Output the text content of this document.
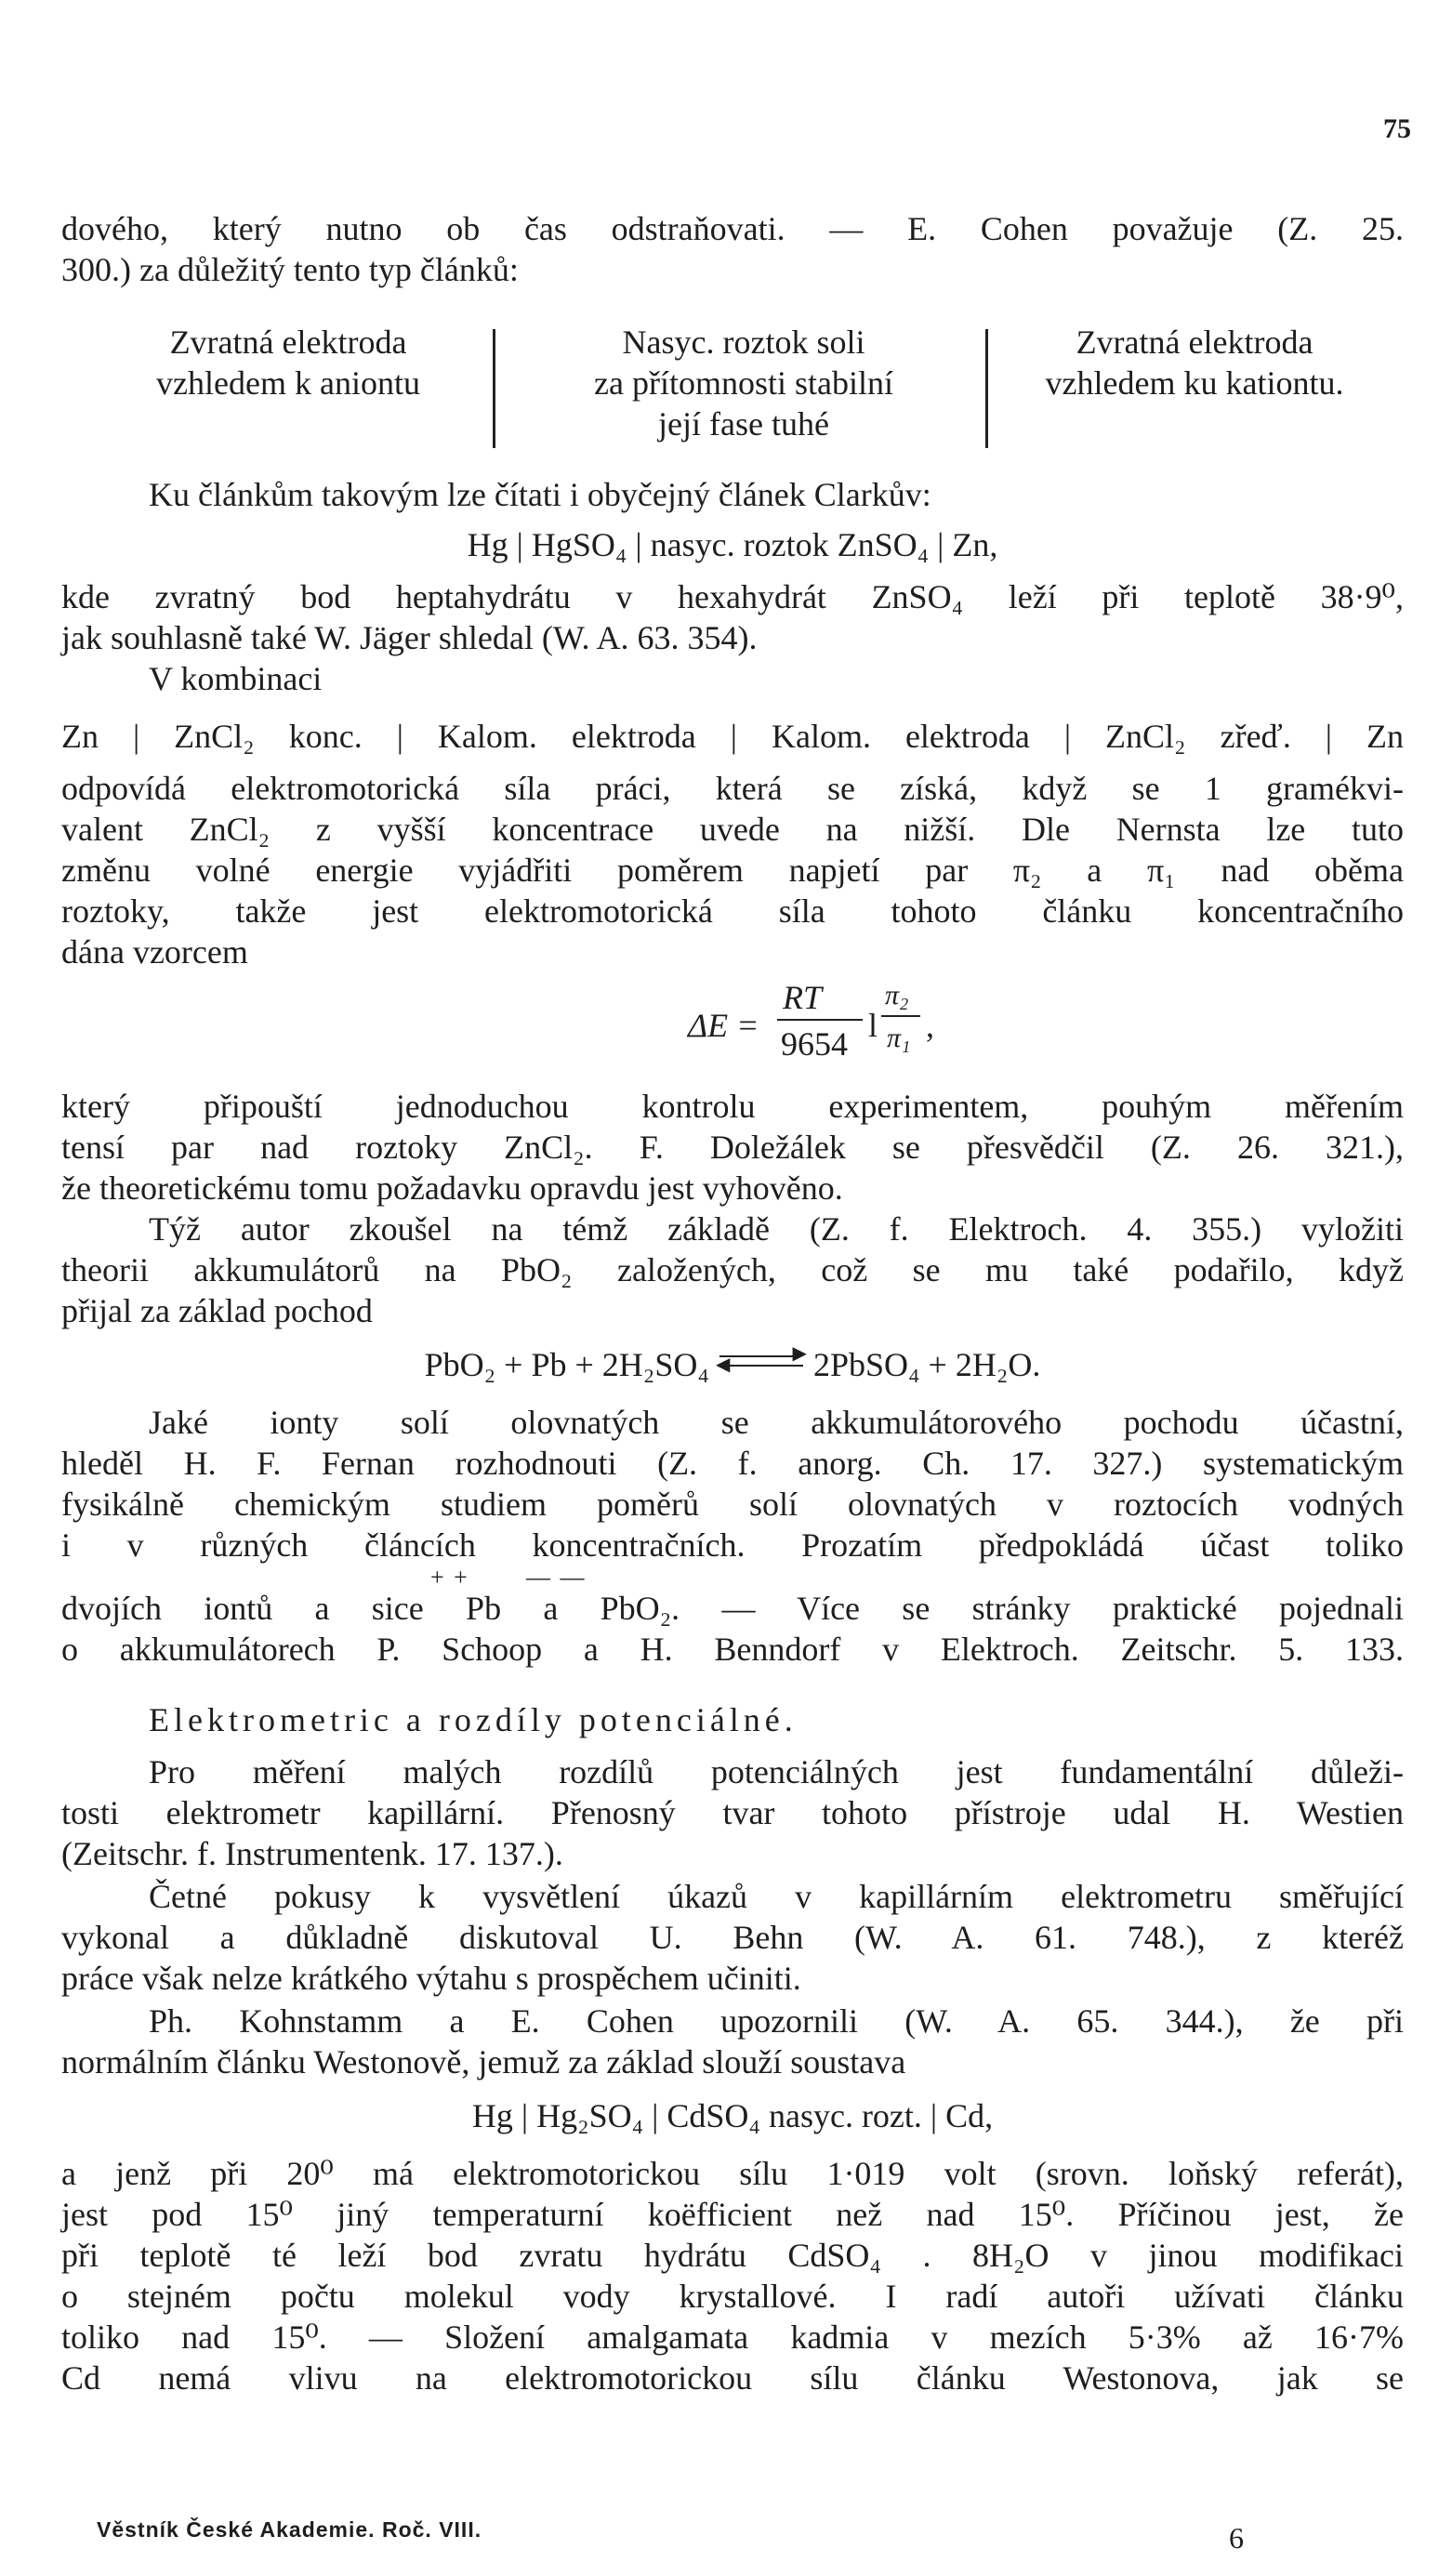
75
dového, který nutno ob čas odstraňovati. — E. Cohen považuje (Z. 25.
300.) za důležitý tento typ článků:
Zvratná elektroda
vzhledem k aniontu
Nasyc. roztok soli
za přítomnosti stabilní
její fase tuhé
Zvratná elektroda
vzhledem ku kationtu.
Ku článkům takovým lze čítati i obyčejný článek Clarkův:
Hg | HgSO₄ | nasyc. roztok ZnSO₄ | Zn,
kde zvratný bod heptahydrátu v hexahydrát ZnSO₄ leží při teplotě 38·9⁰,
jak souhlasně také W. Jäger shledal (W. A. 63. 354).
V kombinaci
Zn | ZnCl₂ konc. | Kalom. elektroda | Kalom. elektroda | ZnCl₂ zřeď. | Zn
odpovídá elektromotorická síla práci, která se získá, když se 1 gramékvi-
valent ZnCl₂ z vyšší koncentrace uvede na nižší. Dle Nernsta lze tuto
změnu volné energie vyjádřiti poměrem napjetí par π₂ a π₁ nad oběma
roztoky, takže jest elektromotorická síla tohoto článku koncentračního
dána vzorcem
ΔE =
RT
9654 l
π₂
π₁ ,
který připouští jednoduchou kontrolu experimentem, pouhým měřením
tensí par nad roztoky ZnCl₂. F. Doležálek se přesvědčil (Z. 26. 321.),
že theoretickému tomu požadavku opravdu jest vyhověno.
Týž autor zkoušel na témž základě (Z. f. Elektroch. 4. 355.) vyložiti
theorii akkumulátorů na PbO₂ založených, což se mu také podařilo, když
přijal za základ pochod
PbO₂ + Pb + 2H₂SO₄	▶
◀ 2PbSO₄ + 2H₂O.
Jaké ionty solí olovnatých se akkumulátorového pochodu účastní,
hleděl H. F. Fernan rozhodnouti (Z. f. anorg. Ch. 17. 327.) systematickým
fysikálně chemickým studiem poměrů solí olovnatých v roztocích vodných
i v různých článcích koncentračních. Prozatím předpokládá účast toliko
+ + — —
dvojích iontů a sice Pb a PbO₂. — Více se stránky praktické pojednali
o akkumulátorech P. Schoop a H. Benndorf v Elektroch. Zeitschr. 5. 133.
Elektrometric a rozdíly potenciálné.
Pro měření malých rozdílů potenciálných jest fundamentální důleži-
tosti elektrometr kapillární. Přenosný tvar tohoto přístroje udal H. Westien
(Zeitschr. f. Instrumentenk. 17. 137.).
Četné pokusy k vysvětlení úkazů v kapillárním elektrometru směřující
vykonal a důkladně diskutoval U. Behn (W. A. 61. 748.), z kteréž
práce však nelze krátkého výtahu s prospěchem učiniti.
Ph. Kohnstamm a E. Cohen upozornili (W. A. 65. 344.), že při
normálním článku Westonově, jemuž za základ slouží soustava
Hg | Hg₂SO₄ | CdSO₄ nasyc. rozt. | Cd,
a jenž při 20⁰ má elektromotorickou sílu 1·019 volt (srovn. loňský referát),
jest pod 15⁰ jiný temperaturní koëfficient než nad 15⁰. Příčinou jest, že
při teplotě té leží bod zvratu hydrátu CdSO₄ . 8H₂O v jinou modifikaci
o stejném počtu molekul vody krystallové. I radí autoři užívati článku
toliko nad 15⁰. — Složení amalgamata kadmia v mezích 5·3% až 16·7%
Cd nemá vlivu na elektromotorickou sílu článku Westonova, jak se
Věstník České Akademie. Roč. VIII.	6
